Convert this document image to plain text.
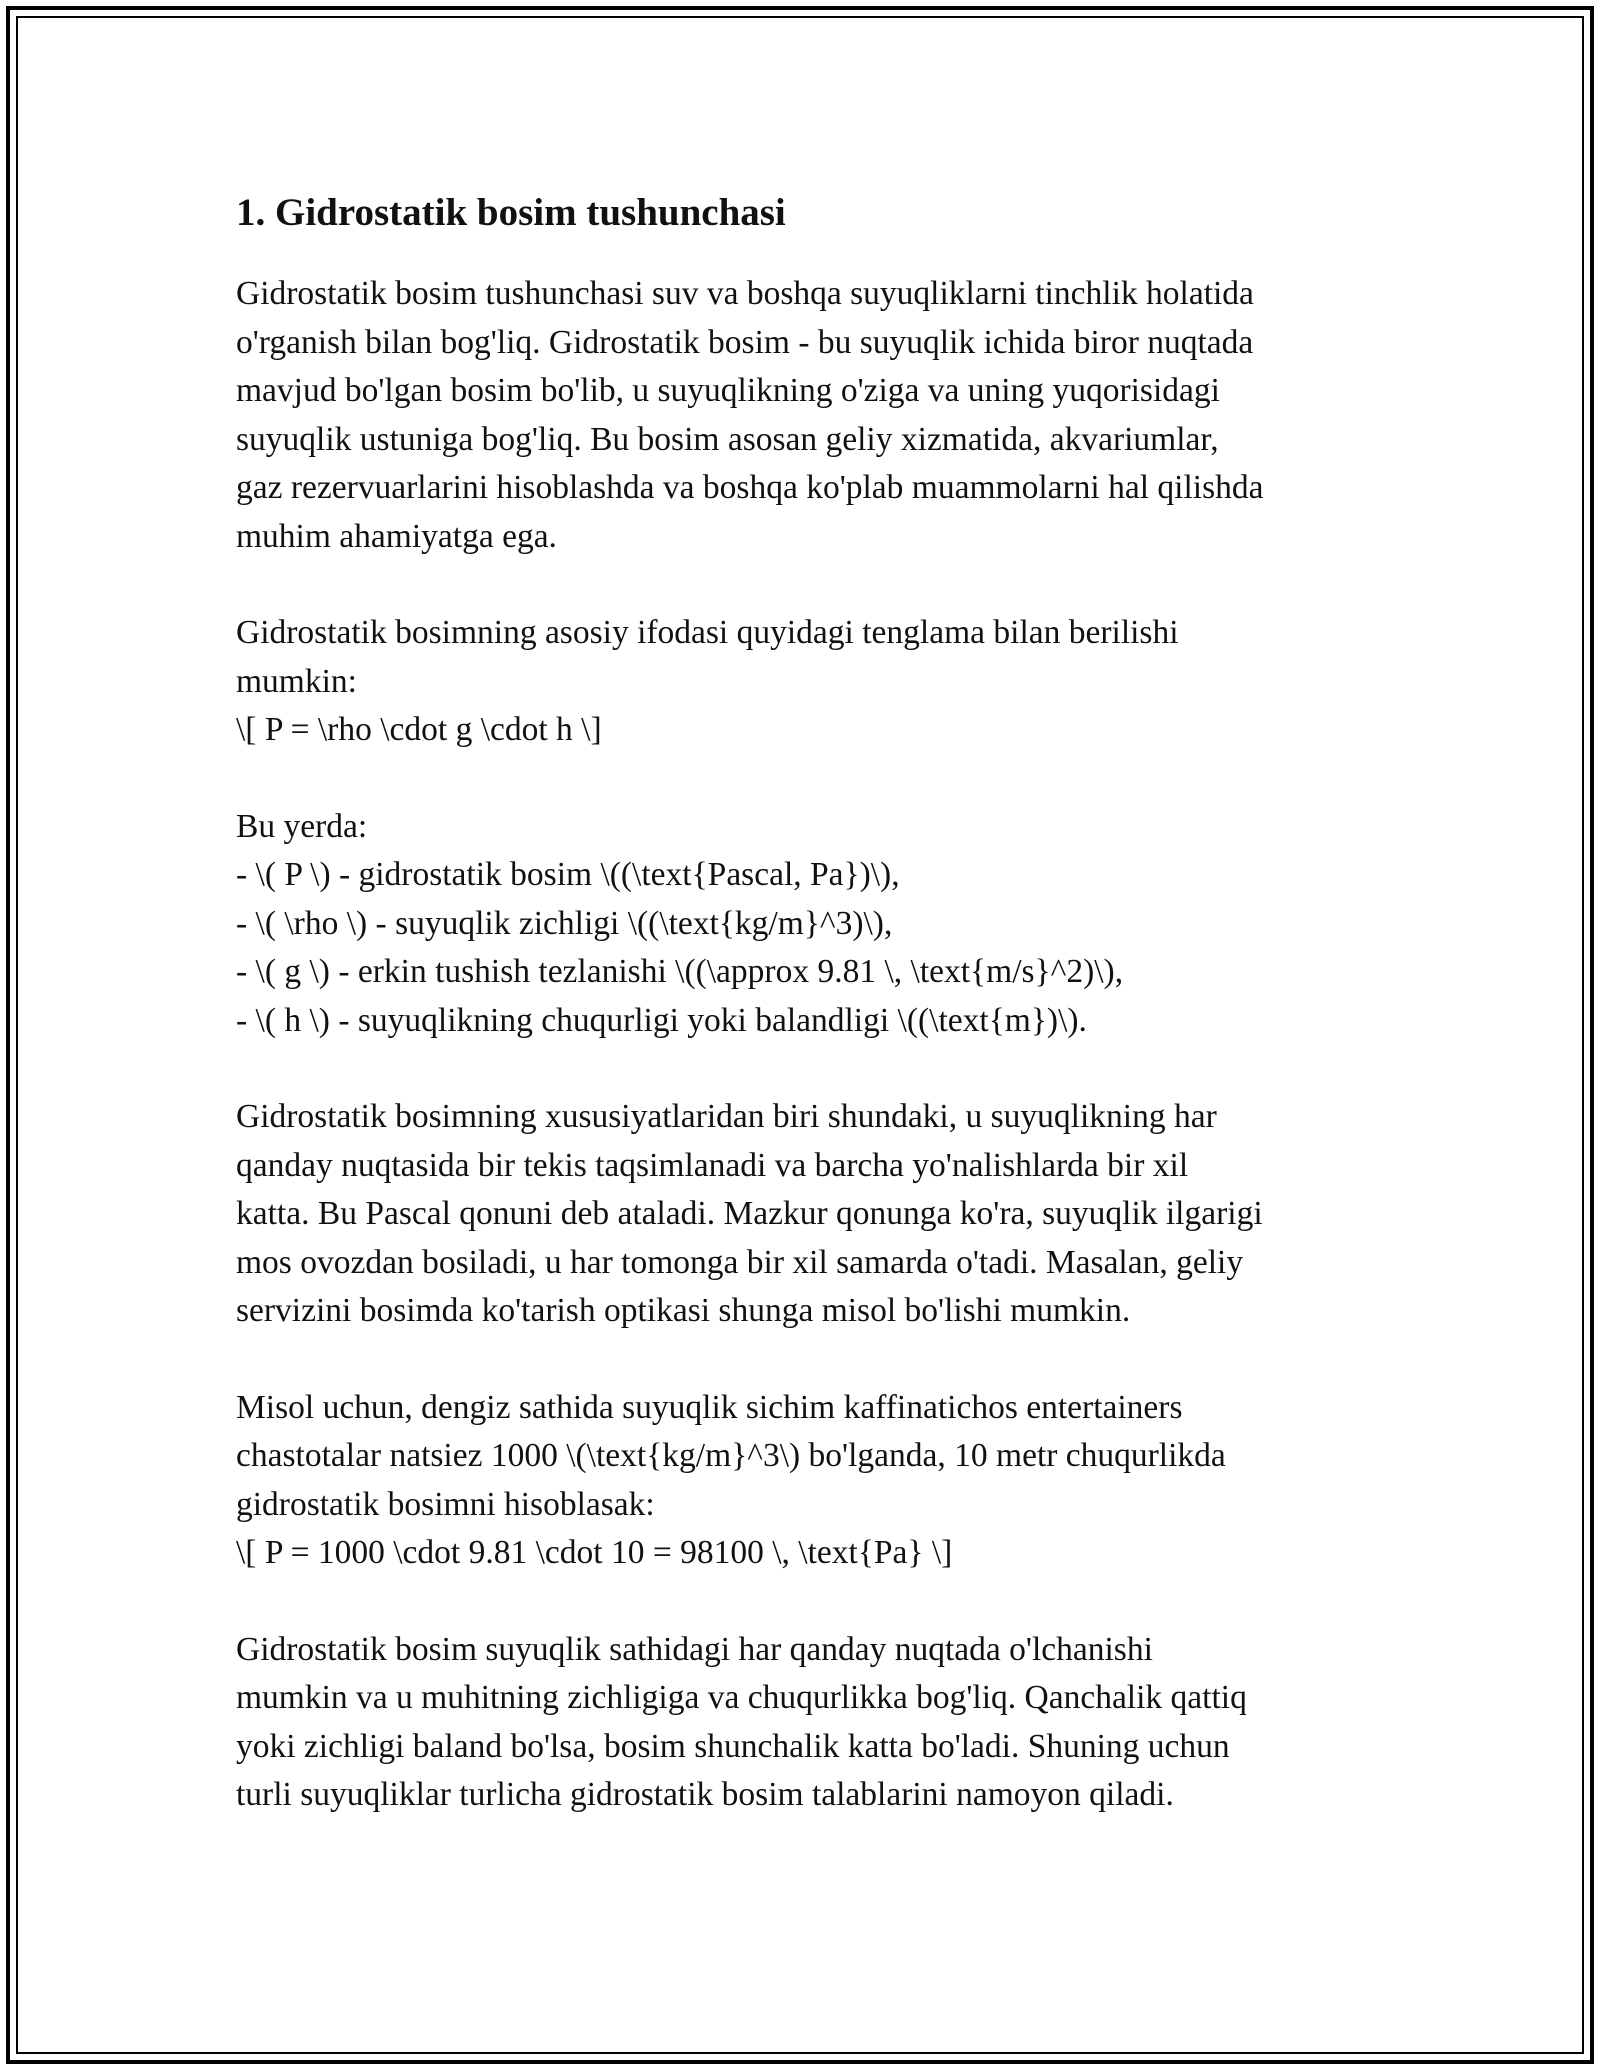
1. Gidrostatik bosim tushunchasi
Gidrostatik bosim tushunchasi suv va boshqa suyuqliklarni tinchlik holatida
o'rganish bilan bog'liq. Gidrostatik bosim - bu suyuqlik ichida biror nuqtada
mavjud bo'lgan bosim bo'lib, u suyuqlikning o'ziga va uning yuqorisidagi
suyuqlik ustuniga bog'liq. Bu bosim asosan geliy xizmatida, akvariumlar,
gaz rezervuarlarini hisoblashda va boshqa ko'plab muammolarni hal qilishda
muhim ahamiyatga ega.
Gidrostatik bosimning asosiy ifodasi quyidagi tenglama bilan berilishi
mumkin:
\[ P = \rho \cdot g \cdot h \]
Bu yerda:
- \( P \) - gidrostatik bosim \((\text{Pascal, Pa})\),
- \( \rho \) - suyuqlik zichligi \((\text{kg/m}^3)\),
- \( g \) - erkin tushish tezlanishi \((\approx 9.81 \, \text{m/s}^2)\),
- \( h \) - suyuqlikning chuqurligi yoki balandligi \((\text{m})\).
Gidrostatik bosimning xususiyatlaridan biri shundaki, u suyuqlikning har
qanday nuqtasida bir tekis taqsimlanadi va barcha yo'nalishlarda bir xil
katta. Bu Pascal qonuni deb ataladi. Mazkur qonunga ko'ra, suyuqlik ilgarigi
mos ovozdan bosiladi, u har tomonga bir xil samarda o'tadi. Masalan, geliy
servizini bosimda ko'tarish optikasi shunga misol bo'lishi mumkin.
Misol uchun, dengiz sathida suyuqlik sichim kaffinatichos entertainers
chastotalar natsiez 1000 \(\text{kg/m}^3\) bo'lganda, 10 metr chuqurlikda
gidrostatik bosimni hisoblasak:
\[ P = 1000 \cdot 9.81 \cdot 10 = 98100 \, \text{Pa} \]
Gidrostatik bosim suyuqlik sathidagi har qanday nuqtada o'lchanishi
mumkin va u muhitning zichligiga va chuqurlikka bog'liq. Qanchalik qattiq
yoki zichligi baland bo'lsa, bosim shunchalik katta bo'ladi. Shuning uchun
turli suyuqliklar turlicha gidrostatik bosim talablarini namoyon qiladi.
